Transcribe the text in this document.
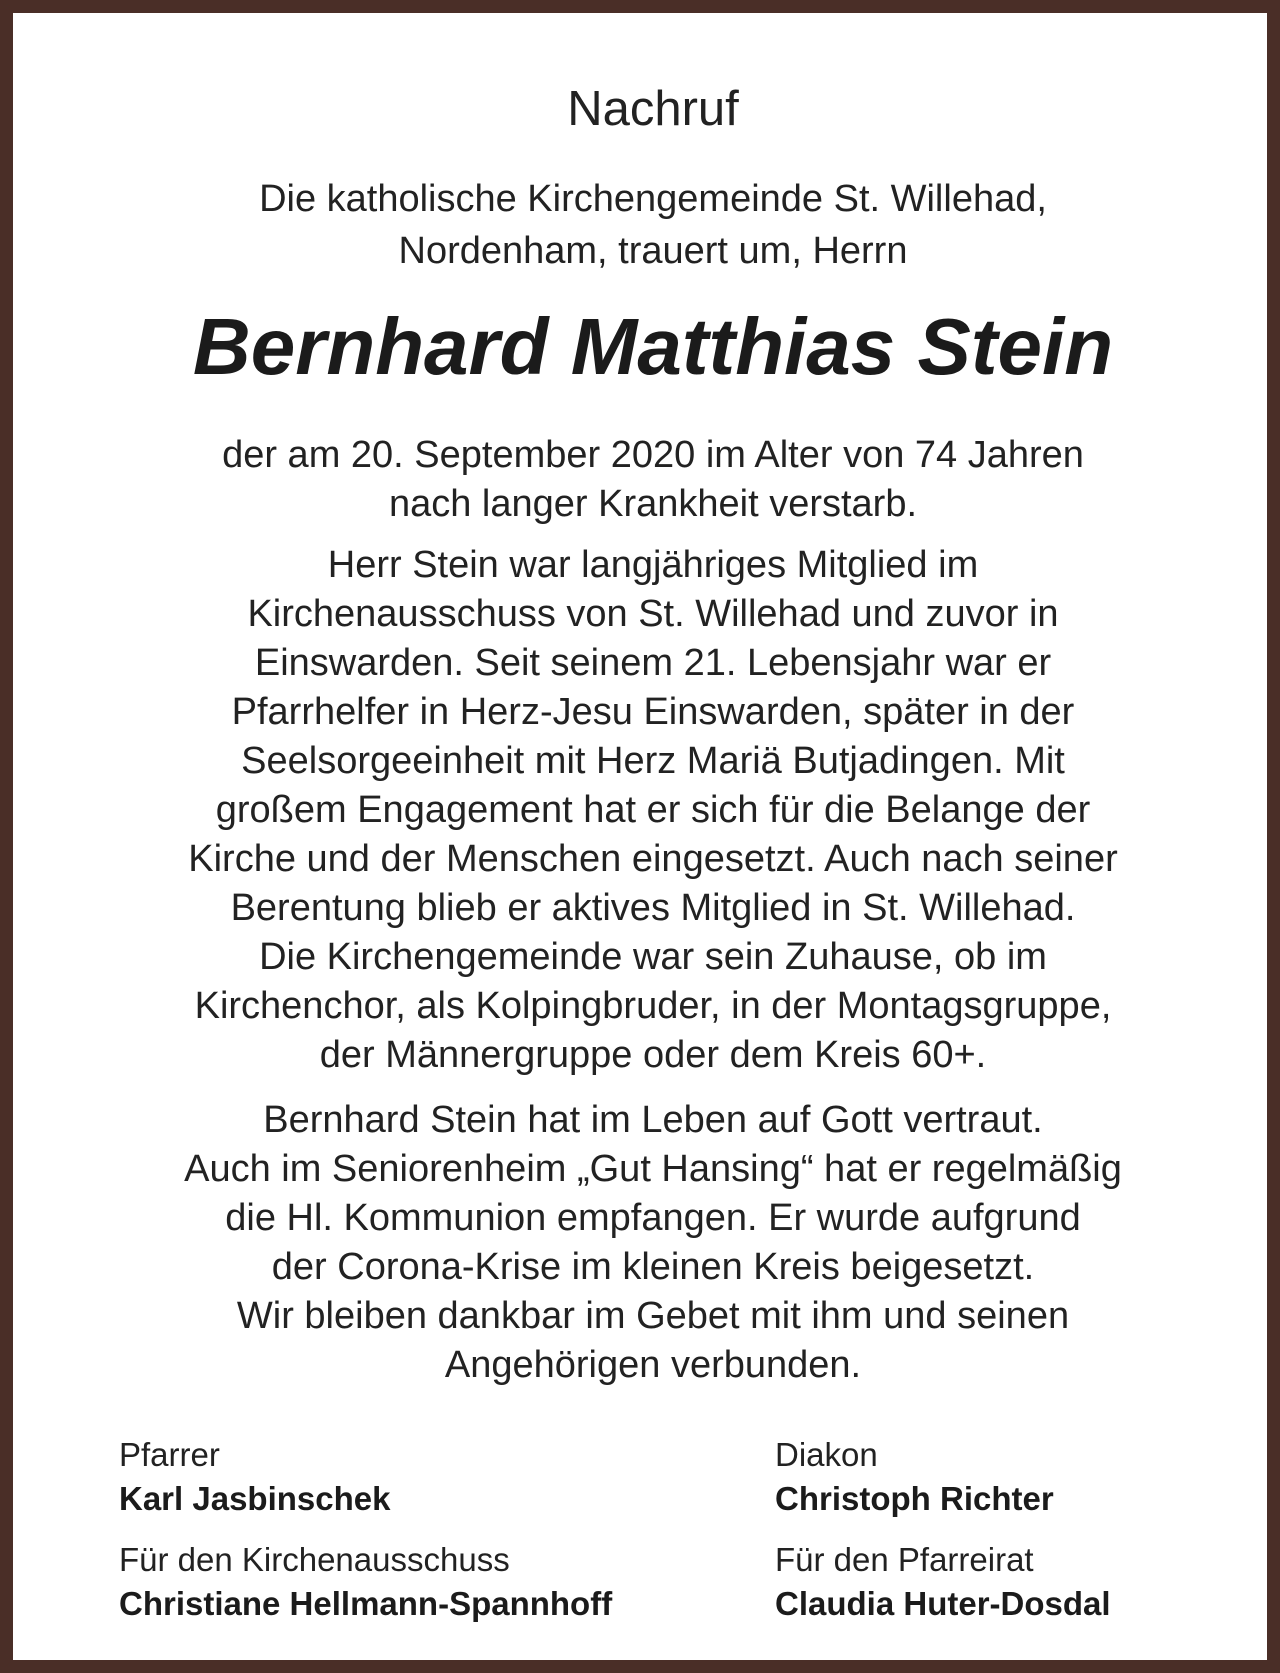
Nachruf
Die katholische Kirchengemeinde St. Willehad,
Nordenham, trauert um, Herrn
Bernhard Matthias Stein
der am 20. September 2020 im Alter von 74 Jahren
nach langer Krankheit verstarb.
Herr Stein war langjähriges Mitglied im
Kirchenausschuss von St. Willehad und zuvor in
Einswarden. Seit seinem 21. Lebensjahr war er
Pfarrhelfer in Herz-Jesu Einswarden, später in der
Seelsorgeeinheit mit Herz Mariä Butjadingen. Mit
großem Engagement hat er sich für die Belange der
Kirche und der Menschen eingesetzt. Auch nach seiner
Berentung blieb er aktives Mitglied in St. Willehad.
Die Kirchengemeinde war sein Zuhause, ob im
Kirchenchor, als Kolpingbruder, in der Montagsgruppe,
der Männergruppe oder dem Kreis 60+.
Bernhard Stein hat im Leben auf Gott vertraut.
Auch im Seniorenheim „Gut Hansing“ hat er regelmäßig
die Hl. Kommunion empfangen. Er wurde aufgrund
der Corona-Krise im kleinen Kreis beigesetzt.
Wir bleiben dankbar im Gebet mit ihm und seinen
Angehörigen verbunden.
Pfarrer
Karl Jasbinschek
Diakon
Christoph Richter
Für den Kirchenausschuss
Christiane Hellmann-Spannhoff
Für den Pfarreirat
Claudia Huter-Dosdal
